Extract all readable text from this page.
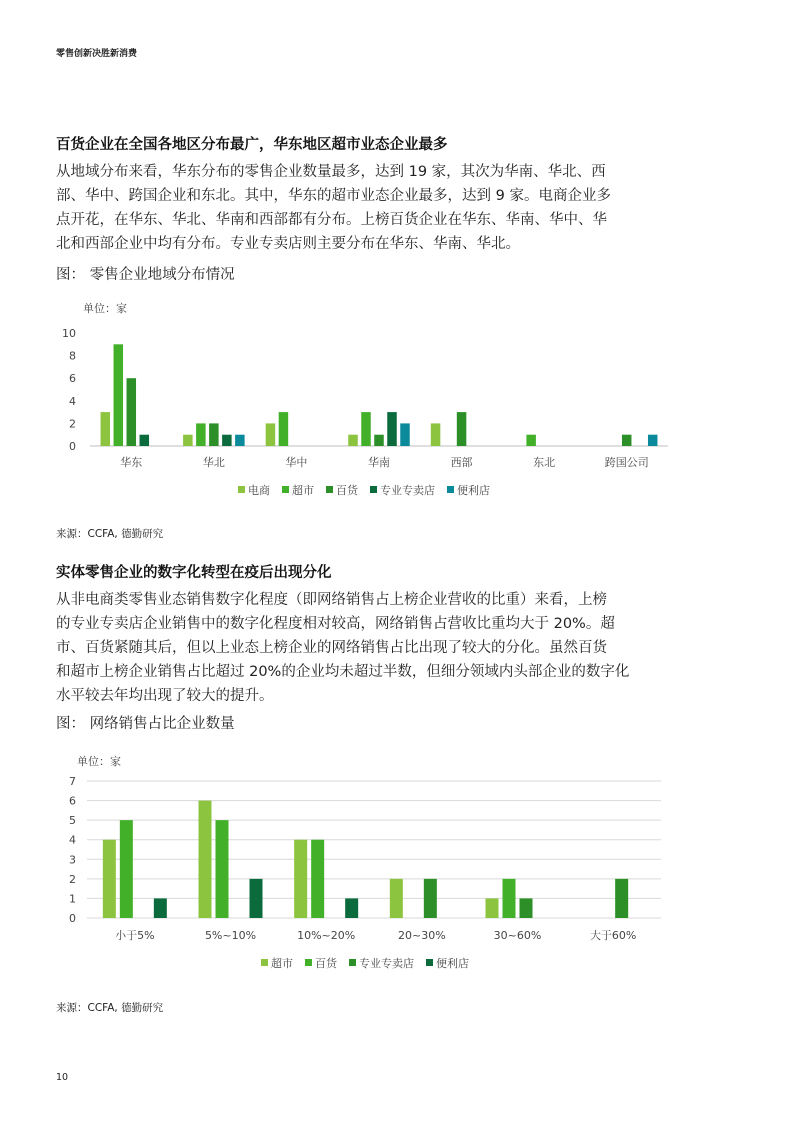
零售创新决胜新消费
百货企业在全国各地区分布最广，华东地区超市业态企业最多
从地域分布来看，华东分布的零售企业数量最多，达到 19 家，其次为华南、华北、西
部、华中、跨国企业和东北。其中，华东的超市业态企业最多，达到 9 家。电商企业多
点开花，在华东、华北、华南和西部都有分布。上榜百货企业在华东、华南、华中、华
北和西部企业中均有分布。专业专卖店则主要分布在华东、华南、华北。
图： 零售企业地域分布情况
单位：家
0
2
4
6
8
10
华东	华北	华中	华南	西部	东北	跨国公司
电商 超市 百货 专业专卖店 便利店
来源：CCFA, 德勤研究
实体零售企业的数字化转型在疫后出现分化
从非电商类零售业态销售数字化程度（即网络销售占上榜企业营收的比重）来看，上榜
的专业专卖店企业销售中的数字化程度相对较高，网络销售占营收比重均大于 20%。超
市、百货紧随其后，但以上业态上榜企业的网络销售占比出现了较大的分化。虽然百货
和超市上榜企业销售占比超过 20%的企业均未超过半数，但细分领域内头部企业的数字化
水平较去年均出现了较大的提升。
图： 网络销售占比企业数量
单位：家
0
1
2
3
4
5
6
7
小于5%	5%~10%	10%~20%	20~30%	30~60%	大于60%
超市 百货 专业专卖店 便利店
来源：CCFA, 德勤研究
10
